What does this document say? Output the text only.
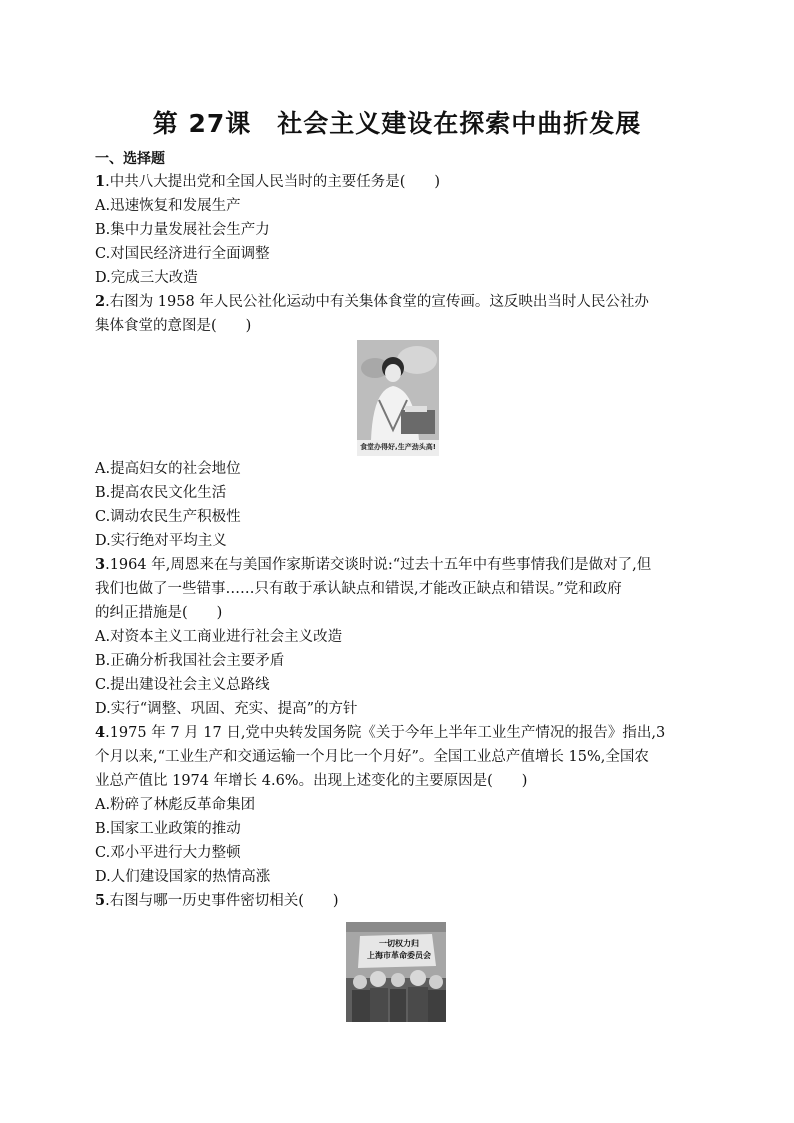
第 27课　社会主义建设在探索中曲折发展
一、选择题
1.中共八大提出党和全国人民当时的主要任务是(　　)
A.迅速恢复和发展生产
B.集中力量发展社会生产力
C.对国民经济进行全面调整
D.完成三大改造
2.右图为 1958 年人民公社化运动中有关集体食堂的宣传画。这反映出当时人民公社办
集体食堂的意图是(　　)
食堂办得好,生产劲头高!
A.提高妇女的社会地位
B.提高农民文化生活
C.调动农民生产积极性
D.实行绝对平均主义
3.1964 年,周恩来在与美国作家斯诺交谈时说:“过去十五年中有些事情我们是做对了,但
我们也做了一些错事……只有敢于承认缺点和错误,才能改正缺点和错误。”党和政府
的纠正措施是(　　)
A.对资本主义工商业进行社会主义改造
B.正确分析我国社会主要矛盾
C.提出建设社会主义总路线
D.实行“调整、巩固、充实、提高”的方针
4.1975 年 7 月 17 日,党中央转发国务院《关于今年上半年工业生产情况的报告》指出,3
个月以来,“工业生产和交通运输一个月比一个月好”。全国工业总产值增长 15%,全国农
业总产值比 1974 年增长 4.6%。出现上述变化的主要原因是(　　)
A.粉碎了林彪反革命集团
B.国家工业政策的推动
C.邓小平进行大力整顿
D.人们建设国家的热情高涨
5.右图与哪一历史事件密切相关(　　)
一切权力归
上海市革命委员会
